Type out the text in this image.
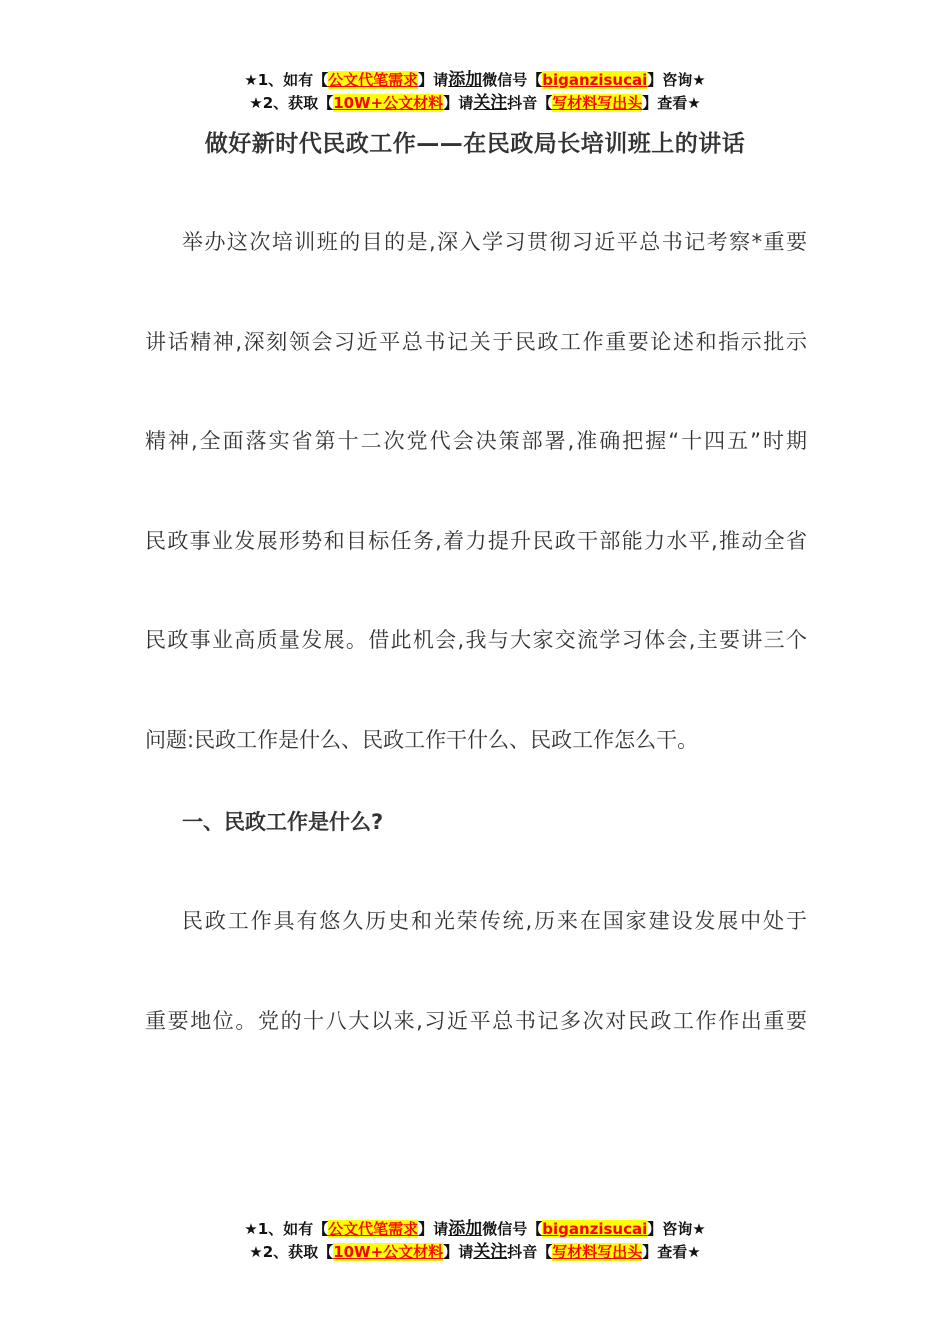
★1、如有【公文代笔需求】请添加微信号【biganzisucai】咨询★
★2、获取【10W+公文材料】请关注抖音【写材料写出头】查看★
做好新时代民政工作——在民政局长培训班上的讲话
举办这次培训班的目的是,深入学习贯彻习近平总书记考察*重要
讲话精神,深刻领会习近平总书记关于民政工作重要论述和指示批示
精神,全面落实省第十二次党代会决策部署,准确把握“十四五”时期
民政事业发展形势和目标任务,着力提升民政干部能力水平,推动全省
民政事业高质量发展。借此机会,我与大家交流学习体会,主要讲三个
问题:民政工作是什么、民政工作干什么、民政工作怎么干。
一、民政工作是什么?
民政工作具有悠久历史和光荣传统,历来在国家建设发展中处于
重要地位。党的十八大以来,习近平总书记多次对民政工作作出重要
★1、如有【公文代笔需求】请添加微信号【biganzisucai】咨询★
★2、获取【10W+公文材料】请关注抖音【写材料写出头】查看★
